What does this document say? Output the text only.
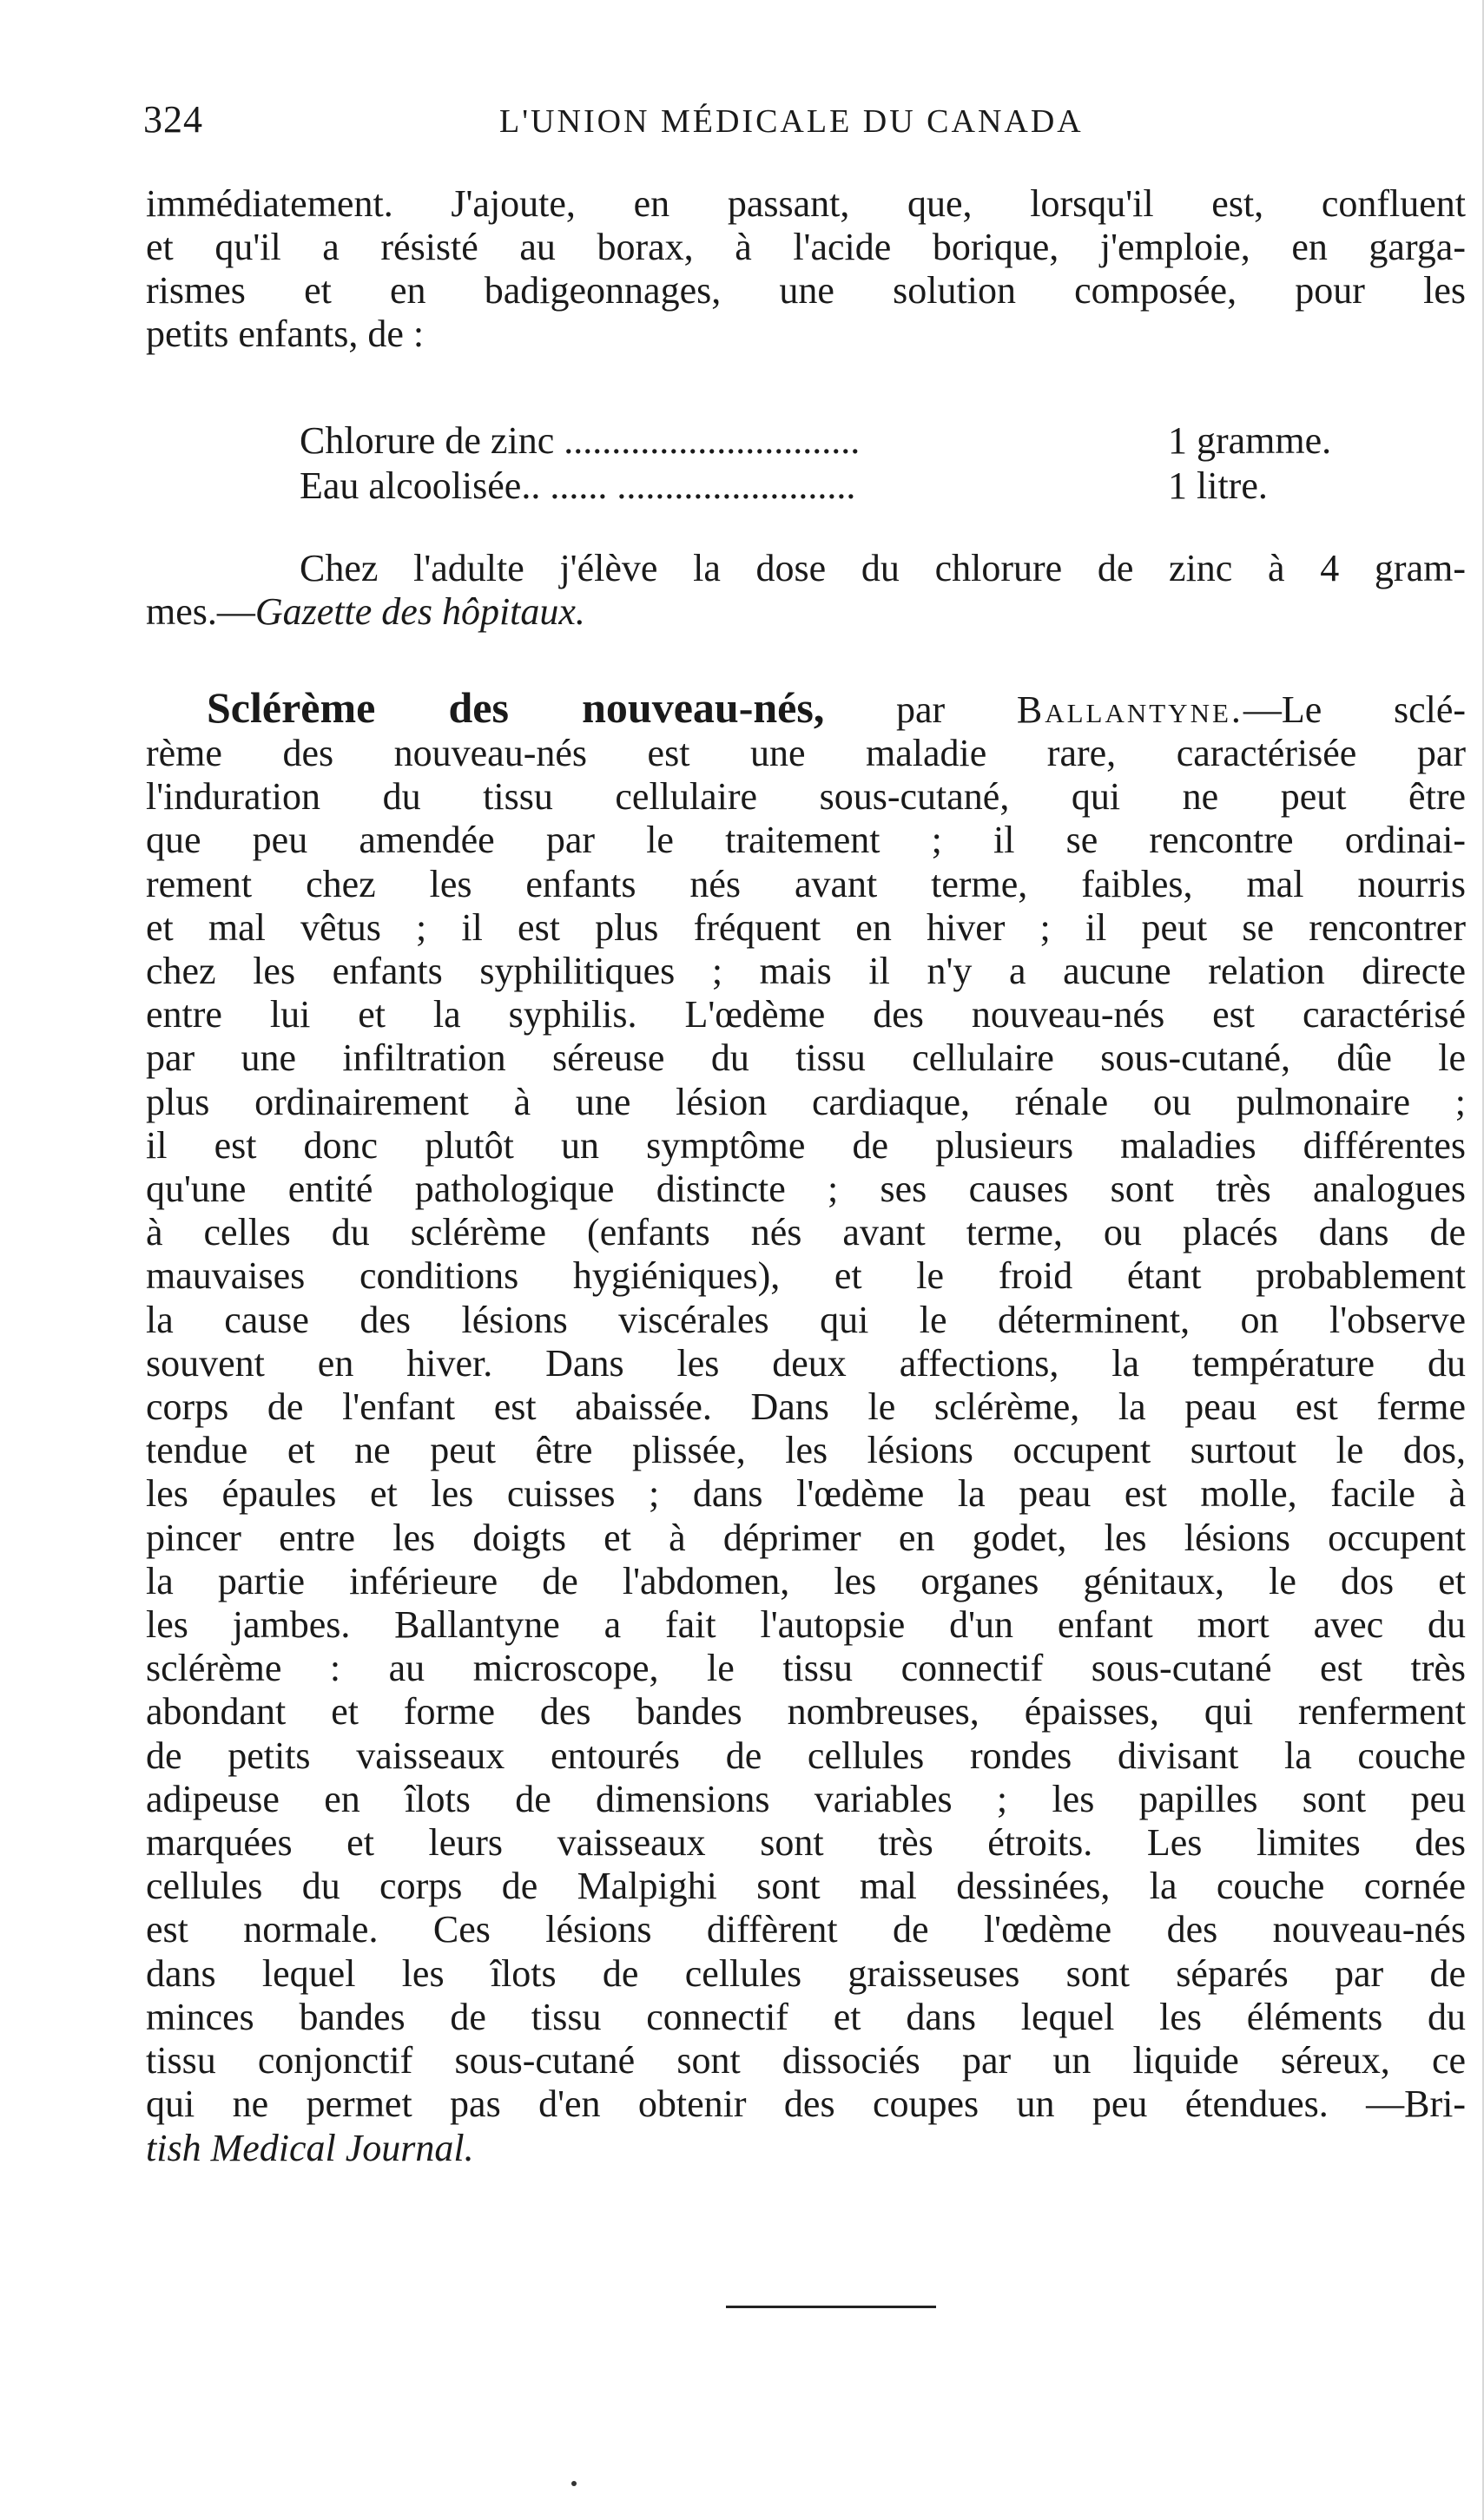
324	L'UNION MÉDICALE DU CANADA
immédiatement. J'ajoute, en passant, que, lorsqu'il est, confluent
et qu'il a résisté au borax, à l'acide borique, j'emploie, en garga-
rismes et en badigeonnages, une solution composée, pour les
petits enfants, de :
Chlorure de zinc ...............................	1 gramme.
Eau alcoolisée.. ...... .........................	1 litre.
Chez l'adulte j'élève la dose du chlorure de zinc à 4 gram-
mes.—Gazette des hôpitaux.
Sclérème des nouveau-nés, par Ballantyne.—Le sclé-
rème des nouveau-nés est une maladie rare, caractérisée par
l'induration du tissu cellulaire sous-cutané, qui ne peut être
que peu amendée par le traitement ; il se rencontre ordinai-
rement chez les enfants nés avant terme, faibles, mal nourris
et mal vêtus ; il est plus fréquent en hiver ; il peut se rencontrer
chez les enfants syphilitiques ; mais il n'y a aucune relation directe
entre lui et la syphilis. L'œdème des nouveau-nés est caractérisé
par une infiltration séreuse du tissu cellulaire sous-cutané, dûe le
plus ordinairement à une lésion cardiaque, rénale ou pulmonaire ;
il est donc plutôt un symptôme de plusieurs maladies différentes
qu'une entité pathologique distincte ; ses causes sont très analogues
à celles du sclérème (enfants nés avant terme, ou placés dans de
mauvaises conditions hygiéniques), et le froid étant probablement
la cause des lésions viscérales qui le déterminent, on l'observe
souvent en hiver. Dans les deux affections, la température du
corps de l'enfant est abaissée. Dans le sclérème, la peau est ferme
tendue et ne peut être plissée, les lésions occupent surtout le dos,
les épaules et les cuisses ; dans l'œdème la peau est molle, facile à
pincer entre les doigts et à déprimer en godet, les lésions occupent
la partie inférieure de l'abdomen, les organes génitaux, le dos et
les jambes. Ballantyne a fait l'autopsie d'un enfant mort avec du
sclérème : au microscope, le tissu connectif sous-cutané est très
abondant et forme des bandes nombreuses, épaisses, qui renferment
de petits vaisseaux entourés de cellules rondes divisant la couche
adipeuse en îlots de dimensions variables ; les papilles sont peu
marquées et leurs vaisseaux sont très étroits. Les limites des
cellules du corps de Malpighi sont mal dessinées, la couche cornée
est normale. Ces lésions diffèrent de l'œdème des nouveau-nés
dans lequel les îlots de cellules graisseuses sont séparés par de
minces bandes de tissu connectif et dans lequel les éléments du
tissu conjonctif sous-cutané sont dissociés par un liquide séreux, ce
qui ne permet pas d'en obtenir des coupes un peu étendues. —Bri-
tish Medical Journal.
